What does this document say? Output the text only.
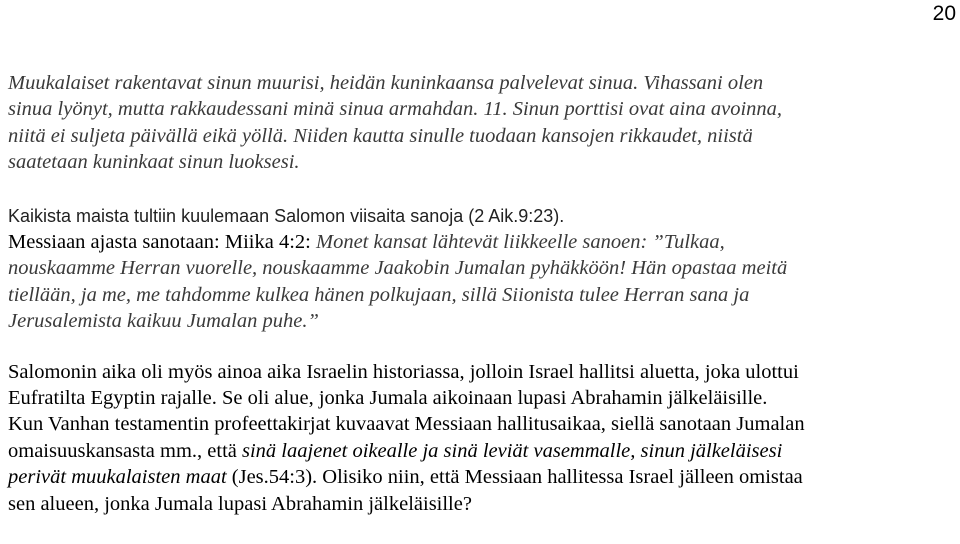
20

Muukalaiset rakentavat sinun muurisi, heidän kuninkaansa palvelevat sinua. Vihassani olen
sinua lyönyt, mutta rakkaudessani minä sinua armahdan. 11. Sinun porttisi ovat aina avoinna,
niitä ei suljeta päivällä eikä yöllä. Niiden kautta sinulle tuodaan kansojen rikkaudet, niistä
saatetaan kuninkaat sinun luoksesi.

Kaikista maista tultiin kuulemaan Salomon viisaita sanoja (2 Aik.9:23).
Messiaan ajasta sanotaan: Miika 4:2: Monet kansat lähtevät liikkeelle sanoen: ”Tulkaa,
nouskaamme Herran vuorelle, nouskaamme Jaakobin Jumalan pyhäkköön! Hän opastaa meitä
tiellään, ja me, me tahdomme kulkea hänen polkujaan, sillä Siionista tulee Herran sana ja
Jerusalemista kaikuu Jumalan puhe.”

Salomonin aika oli myös ainoa aika Israelin historiassa, jolloin Israel hallitsi aluetta, joka ulottui
Eufratilta Egyptin rajalle. Se oli alue, jonka Jumala aikoinaan lupasi Abrahamin jälkeläisille.
Kun Vanhan testamentin profeettakirjat kuvaavat Messiaan hallitusaikaa, siellä sanotaan Jumalan
omaisuuskansasta mm., että sinä laajenet oikealle ja sinä leviät vasemmalle, sinun jälkeläisesi
perivät muukalaisten maat (Jes.54:3). Olisiko niin, että Messiaan hallitessa Israel jälleen omistaa
sen alueen, jonka Jumala lupasi Abrahamin jälkeläisille?
